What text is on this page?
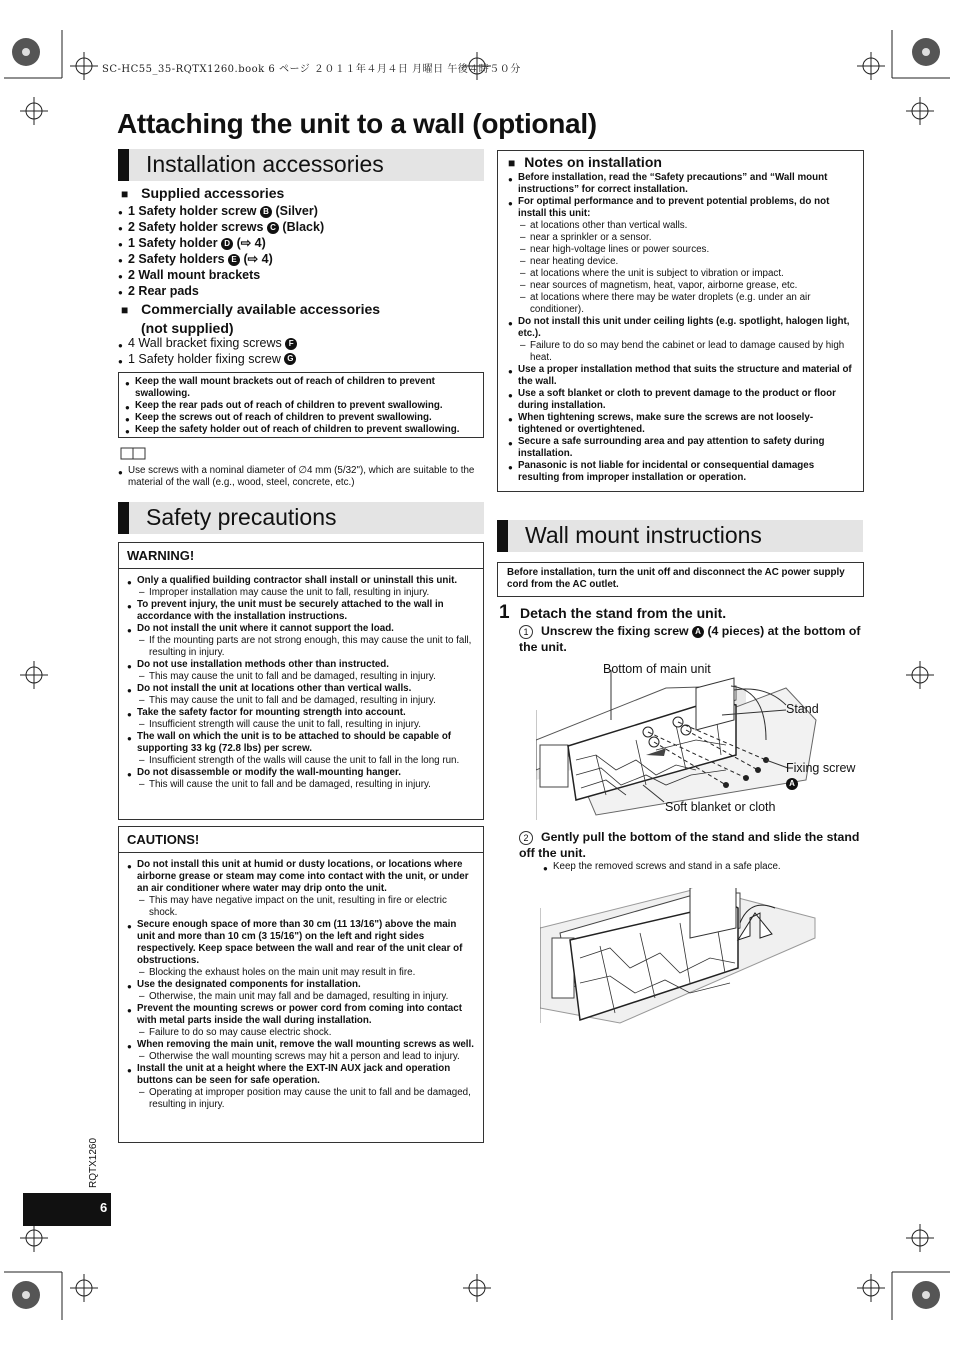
SC-HC55_35-RQTX1260.book 6 ページ ２０１１年４月４日 月曜日 午後４時５０分
Attaching the unit to a wall (optional)
Installation accessories
■ Supplied accessories
● 1 Safety holder screw B (Silver)
● 2 Safety holder screws C (Black)
● 1 Safety holder D (⇨ 4)
● 2 Safety holders E (⇨ 4)
● 2 Wall mount brackets
● 2 Rear pads
■ Commercially available accessories
(not supplied)
● 4 Wall bracket fixing screws F
● 1 Safety holder fixing screw G
● Keep the wall mount brackets out of reach of children to prevent swallowing.
● Keep the rear pads out of reach of children to prevent swallowing.
● Keep the screws out of reach of children to prevent swallowing.
● Keep the safety holder out of reach of children to prevent swallowing.
● Use screws with a nominal diameter of ∅4 mm (5/32"), which are suitable to the material of the wall (e.g., wood, steel, concrete, etc.)
Safety precautions
WARNING!
● Only a qualified building contractor shall install or uninstall this unit.
– Improper installation may cause the unit to fall, resulting in injury.
● To prevent injury, the unit must be securely attached to the wall in accordance with the installation instructions.
● Do not install the unit where it cannot support the load.
– If the mounting parts are not strong enough, this may cause the unit to fall, resulting in injury.
● Do not use installation methods other than instructed.
– This may cause the unit to fall and be damaged, resulting in injury.
● Do not install the unit at locations other than vertical walls.
– This may cause the unit to fall and be damaged, resulting in injury.
● Take the safety factor for mounting strength into account.
– Insufficient strength will cause the unit to fall, resulting in injury.
● The wall on which the unit is to be attached to should be capable of supporting 33 kg (72.8 lbs) per screw.
– Insufficient strength of the walls will cause the unit to fall in the long run.
● Do not disassemble or modify the wall-mounting hanger.
– This will cause the unit to fall and be damaged, resulting in injury.
CAUTIONS!
● Do not install this unit at humid or dusty locations, or locations where airborne grease or steam may come into contact with the unit, or under an air conditioner where water may drip onto the unit.
– This may have negative impact on the unit, resulting in fire or electric shock.
● Secure enough space of more than 30 cm (11 13/16") above the main unit and more than 10 cm (3 15/16") on the left and right sides respectively. Keep space between the wall and rear of the unit clear of obstructions.
– Blocking the exhaust holes on the main unit may result in fire.
● Use the designated components for installation.
– Otherwise, the main unit may fall and be damaged, resulting in injury.
● Prevent the mounting screws or power cord from coming into contact with metal parts inside the wall during installation.
– Failure to do so may cause electric shock.
● When removing the main unit, remove the wall mounting screws as well.
– Otherwise the wall mounting screws may hit a person and lead to injury.
● Install the unit at a height where the EXT-IN AUX jack and operation buttons can be seen for safe operation.
– Operating at improper position may cause the unit to fall and be damaged, resulting in injury.
■ Notes on installation
● Before installation, read the “Safety precautions” and “Wall mount instructions” for correct installation.
● For optimal performance and to prevent potential problems, do not install this unit:
– at locations other than vertical walls.
– near a sprinkler or a sensor.
– near high-voltage lines or power sources.
– near heating device.
– at locations where the unit is subject to vibration or impact.
– near sources of magnetism, heat, vapor, airborne grease, etc.
– at locations where there may be water droplets (e.g. under an air conditioner).
● Do not install this unit under ceiling lights (e.g. spotlight, halogen light, etc.).
– Failure to do so may bend the cabinet or lead to damage caused by high heat.
● Use a proper installation method that suits the structure and material of the wall.
● Use a soft blanket or cloth to prevent damage to the product or floor during installation.
● When tightening screws, make sure the screws are not loosely-tightened or overtightened.
● Secure a safe surrounding area and pay attention to safety during installation.
● Panasonic is not liable for incidental or consequential damages resulting from improper installation or operation.
Wall mount instructions
Before installation, turn the unit off and disconnect the AC power supply cord from the AC outlet.
1 Detach the stand from the unit.
1 Unscrew the fixing screw A (4 pieces) at the bottom of the unit.
Bottom of main unit
Stand
Fixing screw
A
Soft blanket or cloth
2 Gently pull the bottom of the stand and slide the stand off the unit.
● Keep the removed screws and stand in a safe place.
6
RQTX1260
